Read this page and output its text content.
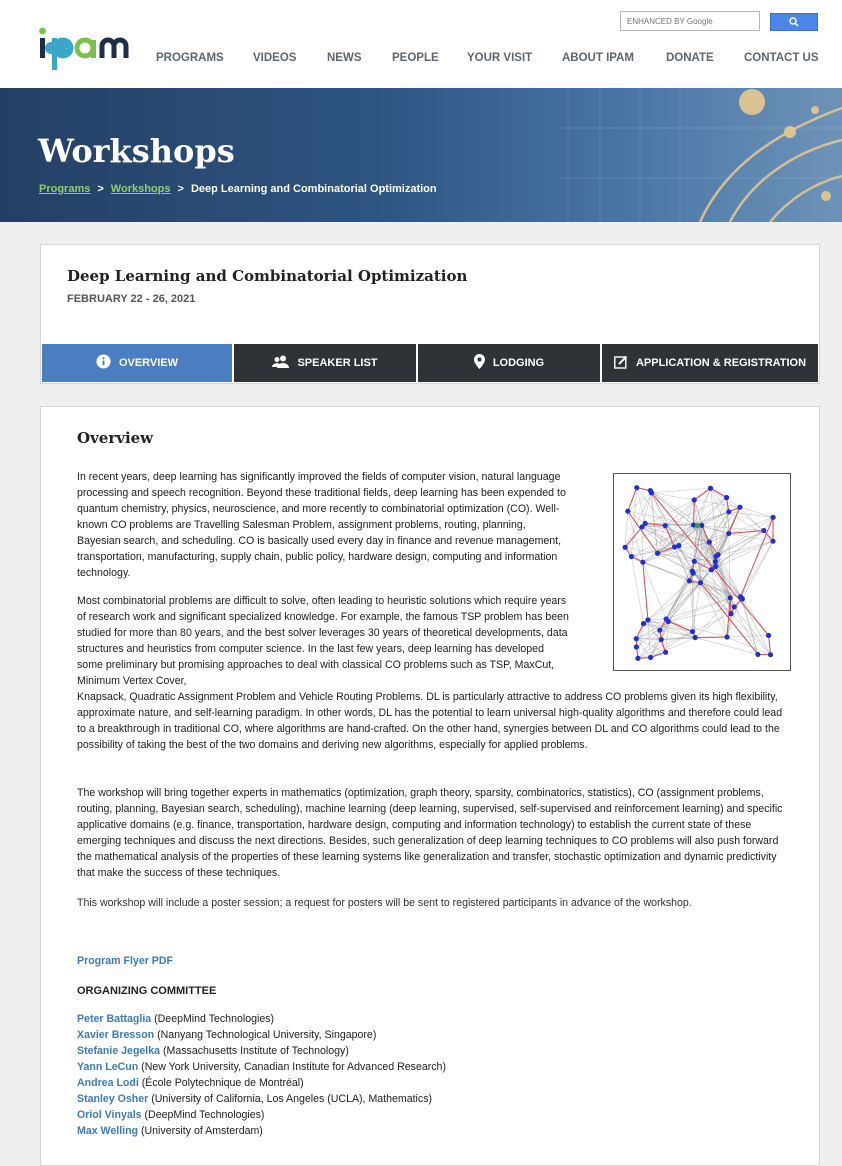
ENHANCED BY Google
PROGRAMS	VIDEOS	NEWS	PEOPLE YOUR VISIT	ABOUT IPAM	DONATE	CONTACT US
Workshops
Programs > Workshops > Deep Learning and Combinatorial Optimization
Deep Learning and Combinatorial Optimization
FEBRUARY 22 - 26, 2021
OVERVIEW	SPEAKER LIST	LODGING	APPLICATION & REGISTRATION
Overview
In recent years, deep learning has significantly improved the fields of computer vision, natural language processing and speech recognition. Beyond these traditional fields, deep learning has been expended to quantum chemistry, physics, neuroscience, and more recently to combinatorial optimization (CO). Well-known CO problems are Travelling Salesman Problem, assignment problems, routing, planning, Bayesian search, and scheduling. CO is basically used every day in finance and revenue management, transportation, manufacturing, supply chain, public policy, hardware design, computing and information technology.
Most combinatorial problems are difficult to solve, often leading to heuristic solutions which require years of research work and significant specialized knowledge. For example, the famous TSP problem has been studied for more than 80 years, and the best solver leverages 30 years of theoretical developments, data structures and heuristics from computer science. In the last few years, deep learning has developed some preliminary but promising approaches to deal with classical CO problems such as TSP, MaxCut, Minimum Vertex Cover,
Knapsack, Quadratic Assignment Problem and Vehicle Routing Problems. DL is particularly attractive to address CO problems given its high flexibility, approximate nature, and self-learning paradigm. In other words, DL has the potential to learn universal high-quality algorithms and therefore could lead to a breakthrough in traditional CO, where algorithms are hand-crafted. On the other hand, synergies between DL and CO algorithms could lead to the possibility of taking the best of the two domains and deriving new algorithms, especially for applied problems.
The workshop will bring together experts in mathematics (optimization, graph theory, sparsity, combinatorics, statistics), CO (assignment problems, routing, planning, Bayesian search, scheduling), machine learning (deep learning, supervised, self-supervised and reinforcement learning) and specific applicative domains (e.g. finance, transportation, hardware design, computing and information technology) to establish the current state of these emerging techniques and discuss the next directions. Besides, such generalization of deep learning techniques to CO problems will also push forward the mathematical analysis of the properties of these learning systems like generalization and transfer, stochastic optimization and dynamic predictivity that make the success of these techniques.
This workshop will include a poster session; a request for posters will be sent to registered participants in advance of the workshop.
Program Flyer PDF
ORGANIZING COMMITTEE
Peter Battaglia (DeepMind Technologies)
Xavier Bresson (Nanyang Technological University, Singapore)
Stefanie Jegelka (Massachusetts Institute of Technology)
Yann LeCun (New York University, Canadian Institute for Advanced Research)
Andrea Lodi (École Polytechnique de Montréal)
Stanley Osher (University of California, Los Angeles (UCLA), Mathematics)
Oriol Vinyals (DeepMind Technologies)
Max Welling (University of Amsterdam)
